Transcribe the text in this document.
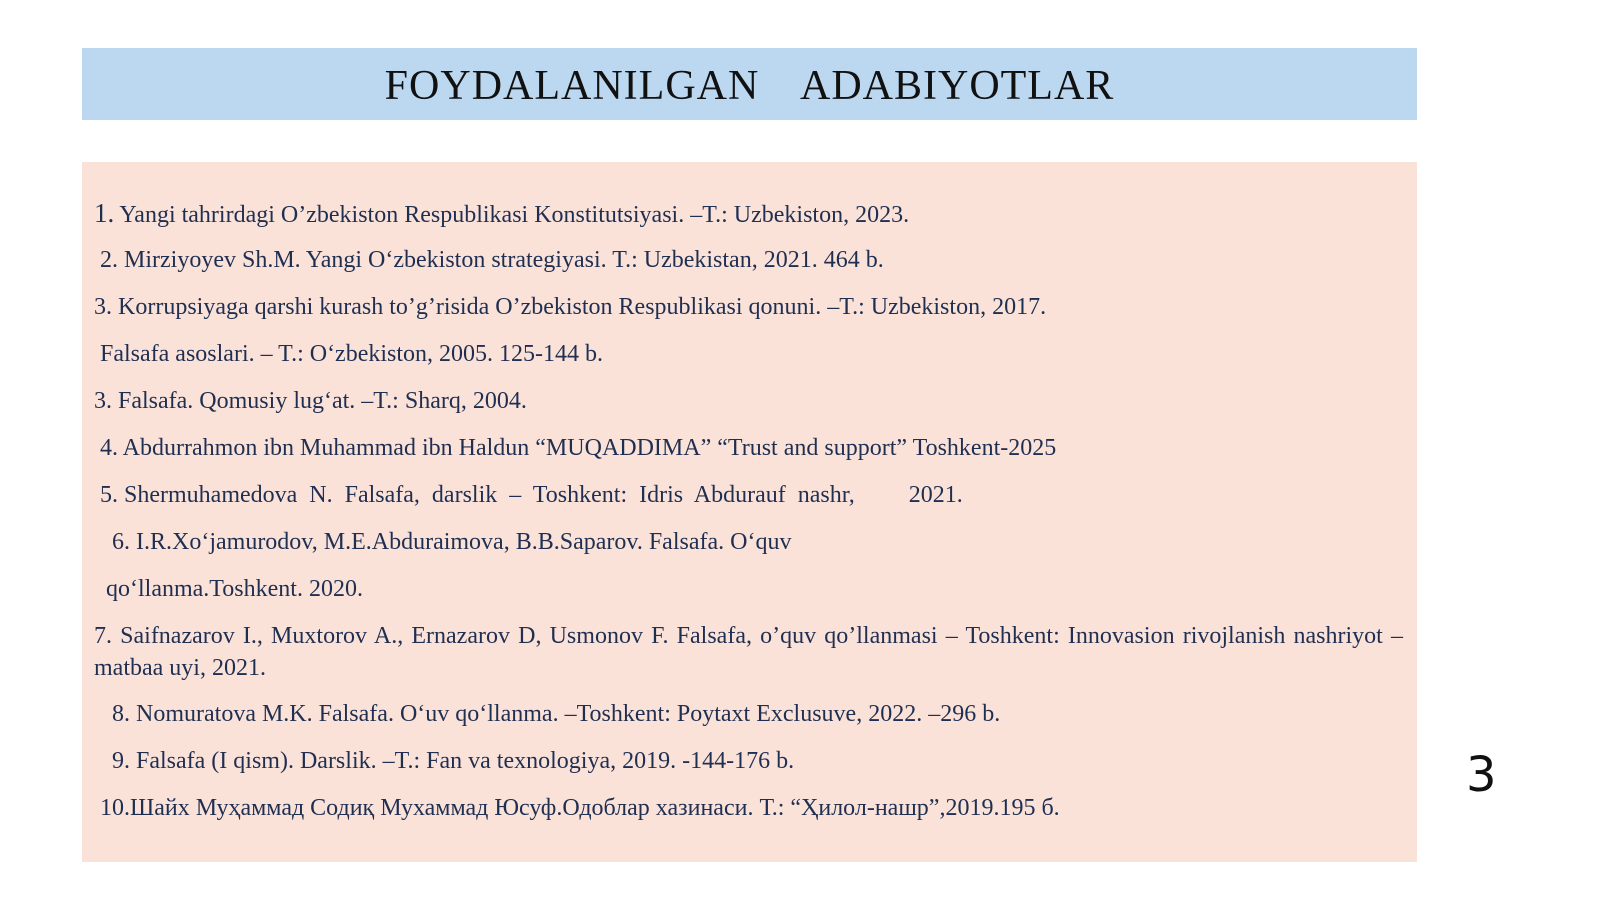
FOYDALANILGAN  ADABIYOTLAR
1. Yangi tahrirdagi O’zbekiston Respublikasi Konstitutsiyasi. –T.: Uzbekiston, 2023.
2. Mirziyoyev Sh.M. Yangi O‘zbekiston strategiyasi. T.: Uzbekistan, 2021. 464 b.
3. Korrupsiyaga qarshi kurash to’g’risida O’zbekiston Respublikasi qonuni. –T.: Uzbekiston, 2017.
Falsafa asoslari. – T.: O‘zbekiston, 2005. 125-144 b.
3. Falsafa. Qomusiy lug‘at. –T.: Sharq, 2004.
4. Abdurrahmon ibn Muhammad ibn Haldun “MUQADDIMA” “Trust and support” Toshkent-2025
5. Shermuhamedova  N.  Falsafa,  darslik  –  Toshkent:  Idris  Abdurauf  nashr,         2021.
6. I.R.Xo‘jamurodov, M.E.Abduraimova, B.B.Saparov. Falsafa. O‘quv
qo‘llanma.Toshkent. 2020.
7. Saifnazarov I., Muxtorov A., Ernazarov D, Usmonov F. Falsafa, o’quv qo’llanmasi – Toshkent: Innovasion rivojlanish nashriyot –matbaa uyi, 2021.
8. Nomuratova M.K. Falsafa. O‘uv qo‘llanma. –Toshkent: Poytaxt Exclusuve, 2022. –296 b.
9. Falsafa (I qism). Darslik. –T.: Fan va texnologiya, 2019. -144-176 b.
10.Шайх Муҳаммад Содиқ Мухаммад Юсуф.Одоблар хазинаси. Т.: “Ҳилол-нашр”,2019.195 б.
3
